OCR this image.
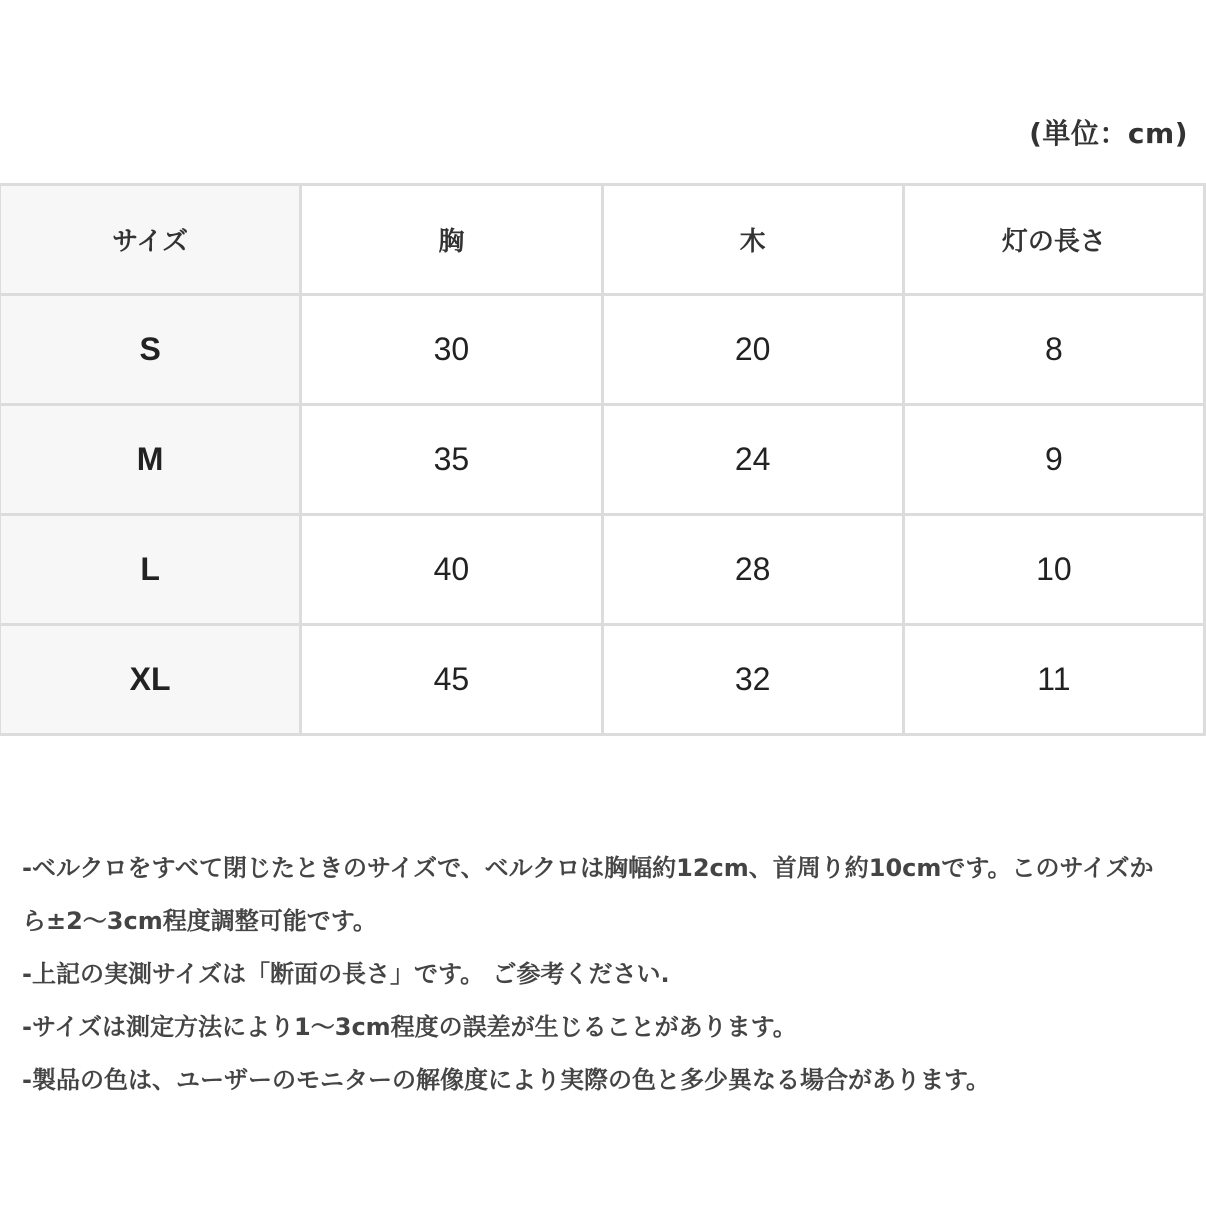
(単位：cm)
サイズ	胸	木	灯の長さ
S	30	20	8
M	35	24	9
L	40	28	10
XL	45	32	11

-ベルクロをすべて閉じたときのサイズで、ベルクロは胸幅約12cm、首周り約10cmです。このサイズから±2〜3cm程度調整可能です。

-上記の実測サイズは「断面の長さ」です。 ご参考ください.

-サイズは測定方法により1〜3cm程度の誤差が生じることがあります。

-製品の色は、ユーザーのモニターの解像度により実際の色と多少異なる場合があります。
